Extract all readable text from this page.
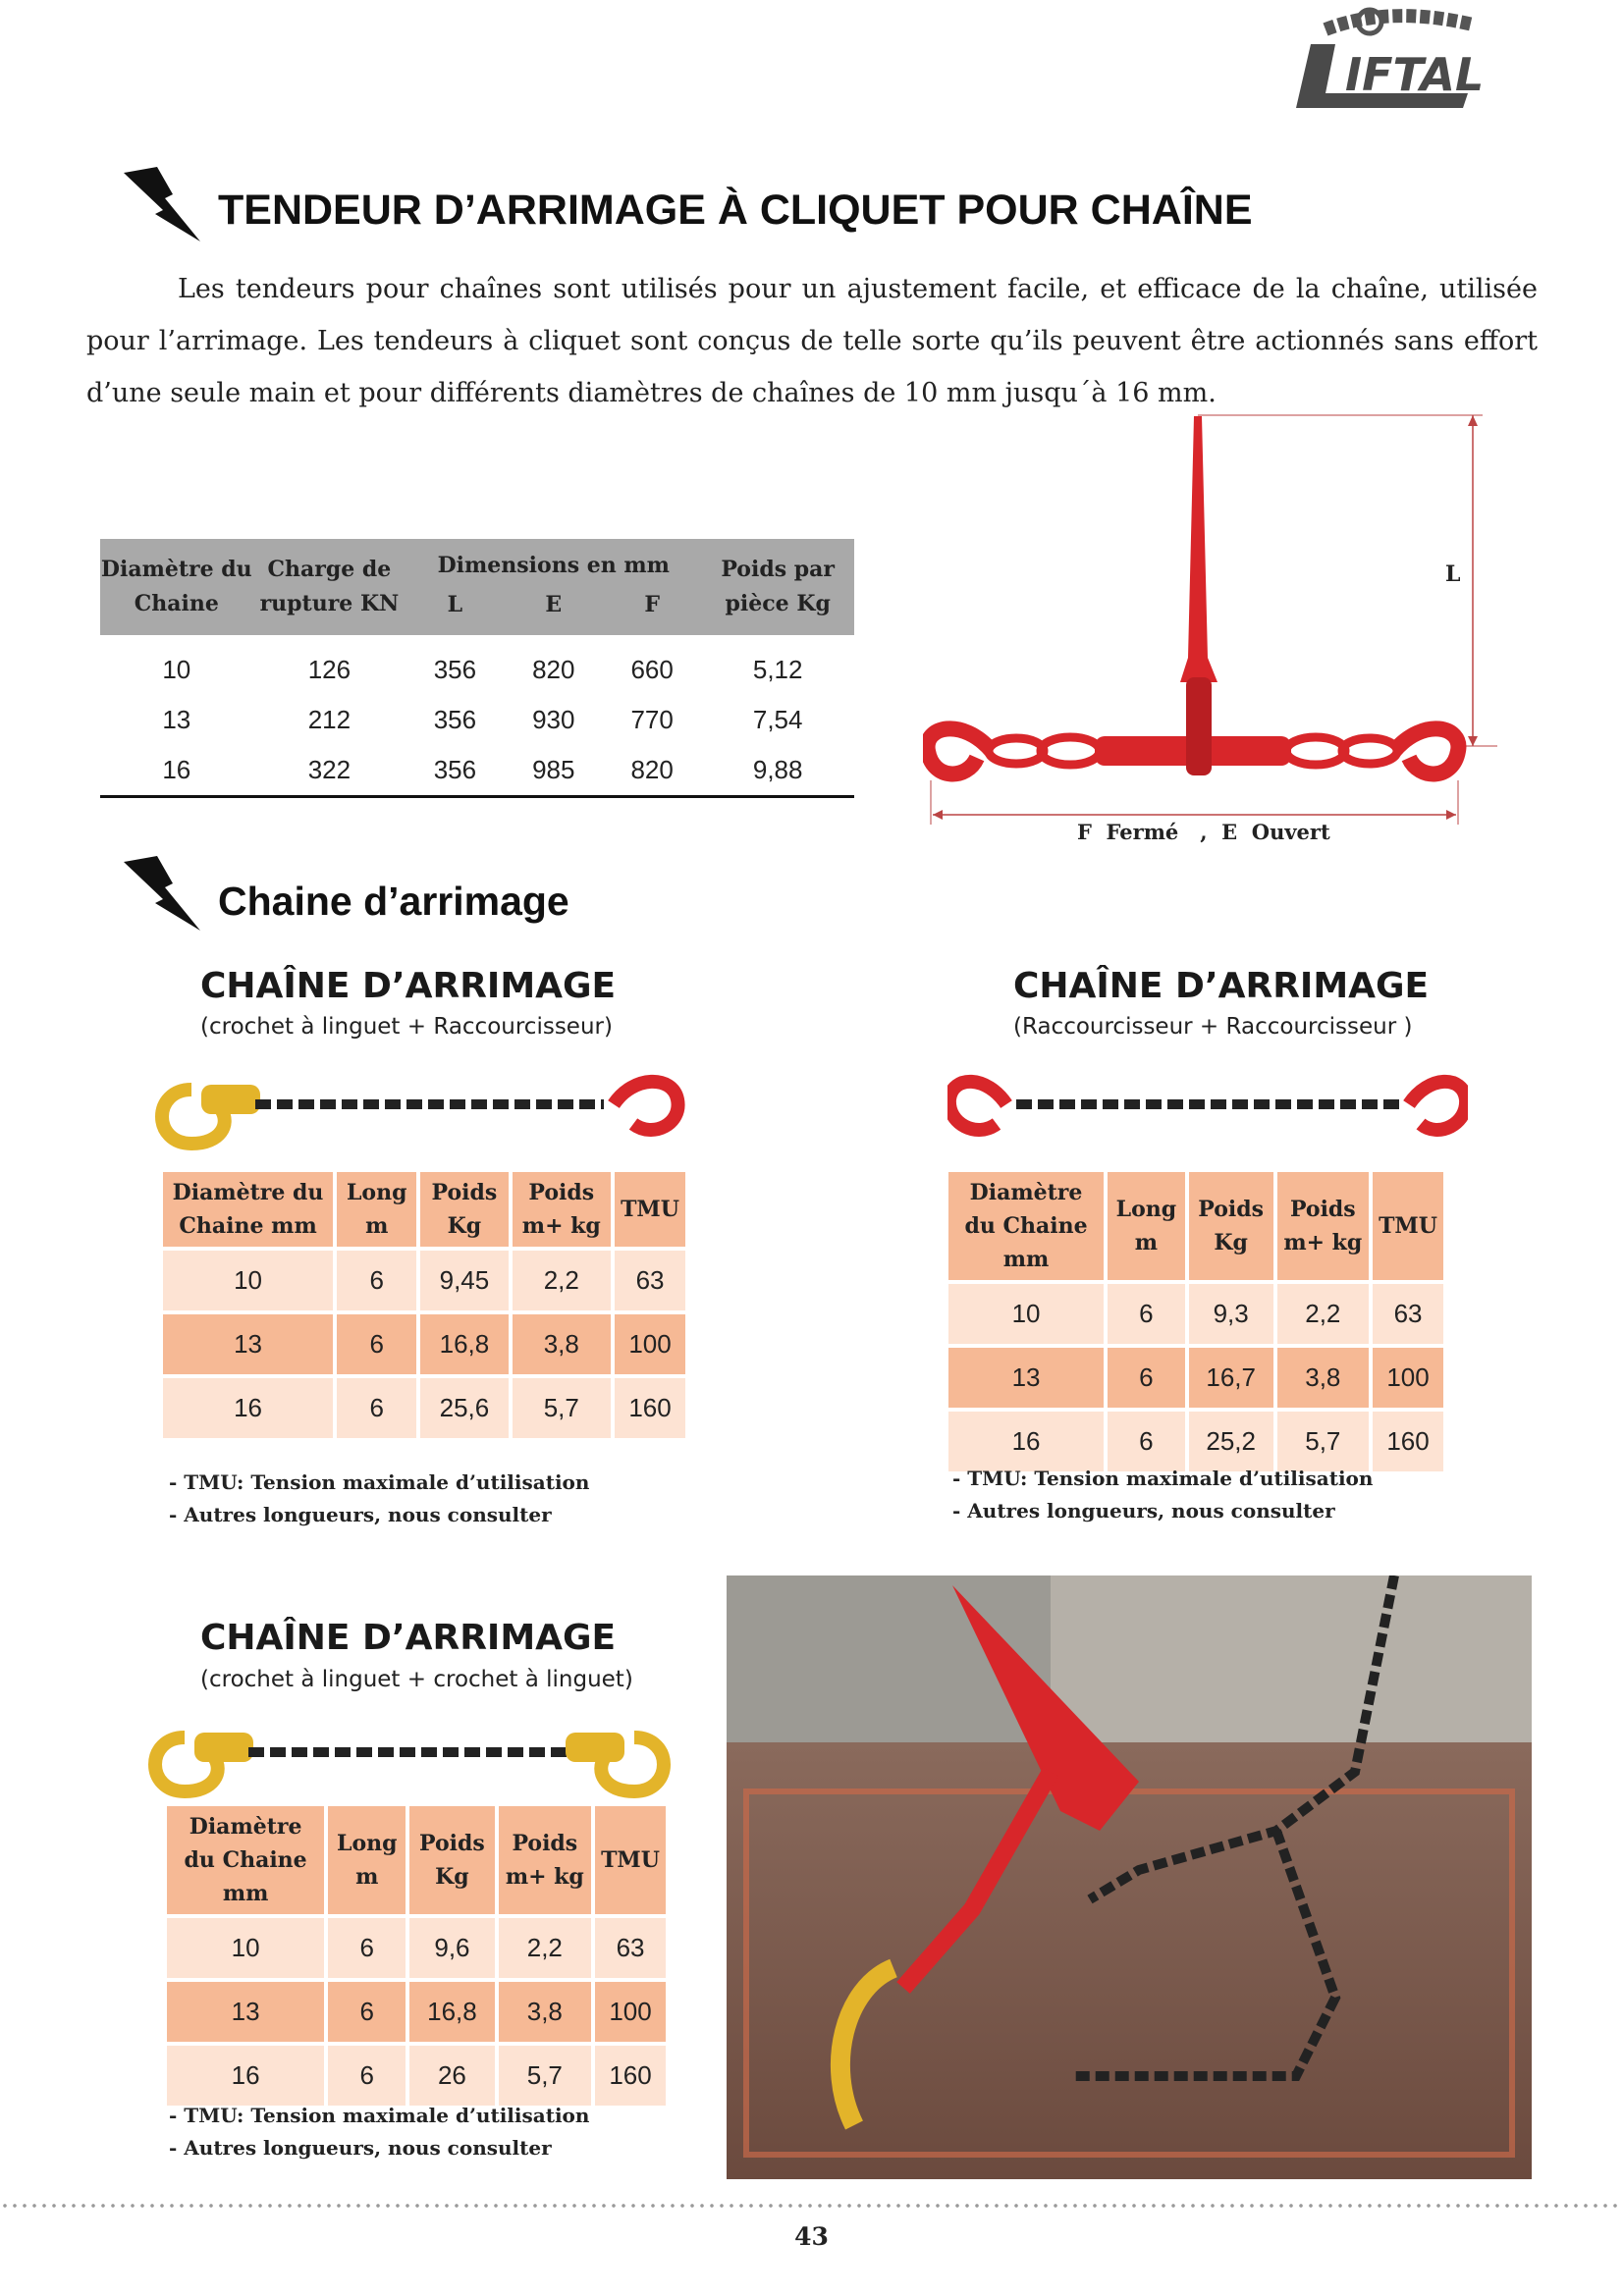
IFTAL
TENDEUR D’ARRIMAGE À CLIQUET POUR CHAÎNE

Les tendeurs pour chaînes sont utilisés pour un ajustement facile, et efficace de la chaîne, utilisée pour l’arrimage. Les tendeurs à cliquet sont conçus de telle sorte qu’ils peuvent être actionnés sans effort d’une seule main et pour différents diamètres de chaînes de 10 mm jusqu´à 16 mm.

Diamètre du Chaine	Charge de rupture KN	Dimensions en mm			Poids par pièce Kg
		L	E	F	

10	126	356	820	660	5,12
13	212	356	930	770	7,54
16	322	356	985	820	9,88
L
F  Fermé   ,  E  Ouvert
Chaine d’arrimage
CHAÎNE D’ARRIMAGE
(crochet à linguet + Raccourcisseur)
Diamètre du Chaine mm	Long m	Poids Kg	Poids m+ kg	TMU
10	6	9,45	2,2	63
13	6	16,8	3,8	100
16	6	25,6	5,7	160
- TMU: Tension maximale d’utilisation
- Autres longueurs, nous consulter
CHAÎNE D’ARRIMAGE
(Raccourcisseur + Raccourcisseur )
Diamètre du Chaine mm	Long m	Poids Kg	Poids m+ kg	TMU
10	6	9,3	2,2	63
13	6	16,7	3,8	100
16	6	25,2	5,7	160
- TMU: Tension maximale d’utilisation
- Autres longueurs, nous consulter
CHAÎNE D’ARRIMAGE
(crochet à linguet + crochet à linguet)
Diamètre du Chaine mm	Long m	Poids Kg	Poids m+ kg	TMU
10	6	9,6	2,2	63
13	6	16,8	3,8	100
16	6	26	5,7	160
- TMU: Tension maximale d’utilisation
- Autres longueurs, nous consulter
43
